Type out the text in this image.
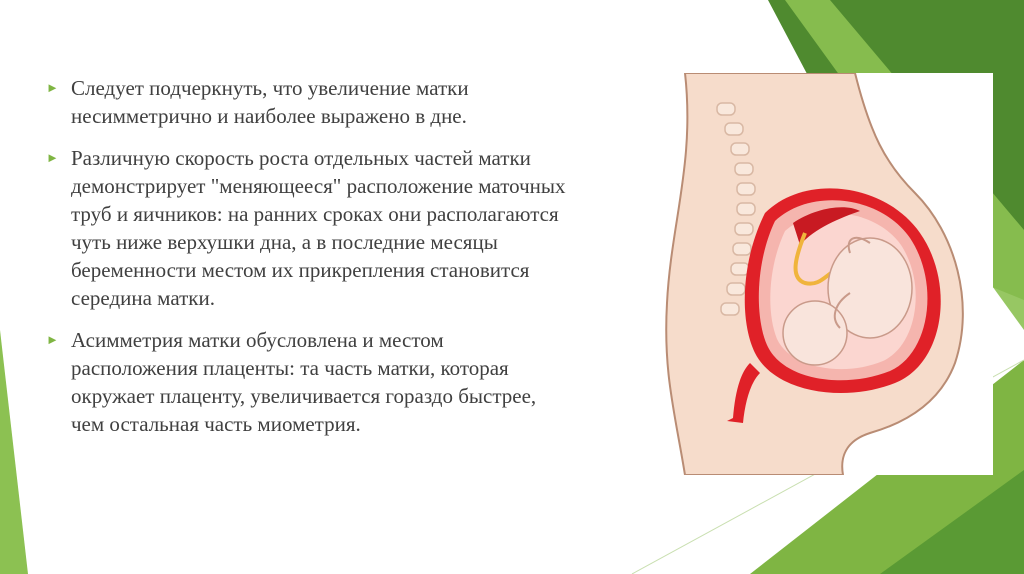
► Следует подчеркнуть, что увеличение матки несимметрично и наиболее выражено в дне.
► Различную скорость роста отдельных частей матки демонстрирует "меняющееся" расположение маточных труб и яичников: на ранних сроках они располагаются чуть ниже верхушки дна, а в последние месяцы беременности местом их прикрепления становится середина матки.
► Асимметрия матки обусловлена и местом расположения плаценты: та часть матки, которая окружает плаценту, увеличивается гораздо быстрее, чем остальная часть миометрия.
